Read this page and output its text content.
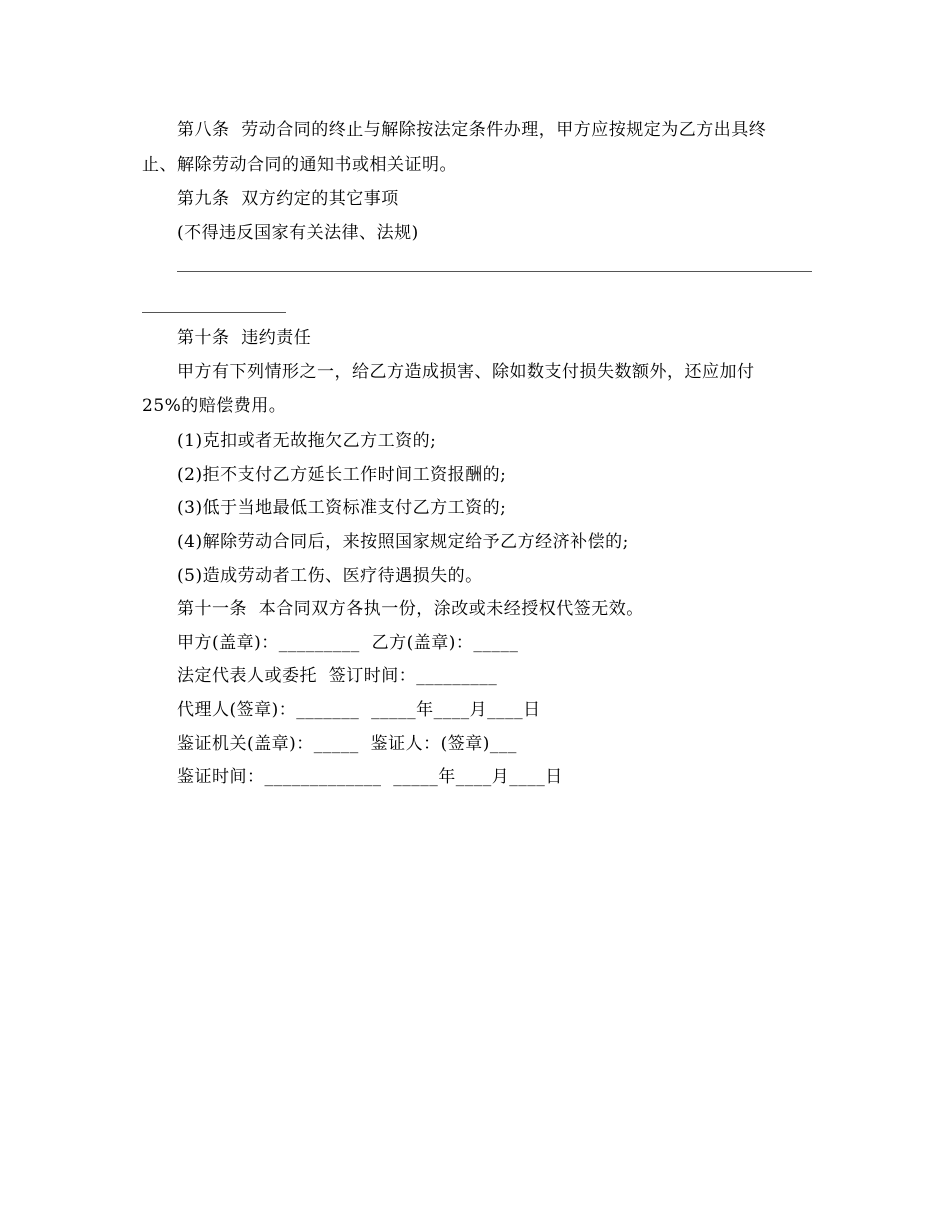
第八条  劳动合同的终止与解除按法定条件办理，甲方应按规定为乙方出具终
止、解除劳动合同的通知书或相关证明。
第九条  双方约定的其它事项
(不得违反国家有关法律、法规)
第十条  违约责任
甲方有下列情形之一，给乙方造成损害、除如数支付损失数额外，还应加付
25%的赔偿费用。
(1)克扣或者无故拖欠乙方工资的;
(2)拒不支付乙方延长工作时间工资报酬的;
(3)低于当地最低工资标准支付乙方工资的;
(4)解除劳动合同后，来按照国家规定给予乙方经济补偿的;
(5)造成劳动者工伤、医疗待遇损失的。
第十一条  本合同双方各执一份，涂改或未经授权代签无效。
甲方(盖章)：_________  乙方(盖章)：_____
法定代表人或委托  签订时间：_________
代理人(签章)：_______  _____年____月____日
鉴证机关(盖章)：_____  鉴证人：(签章)___
鉴证时间：_____________  _____年____月____日
